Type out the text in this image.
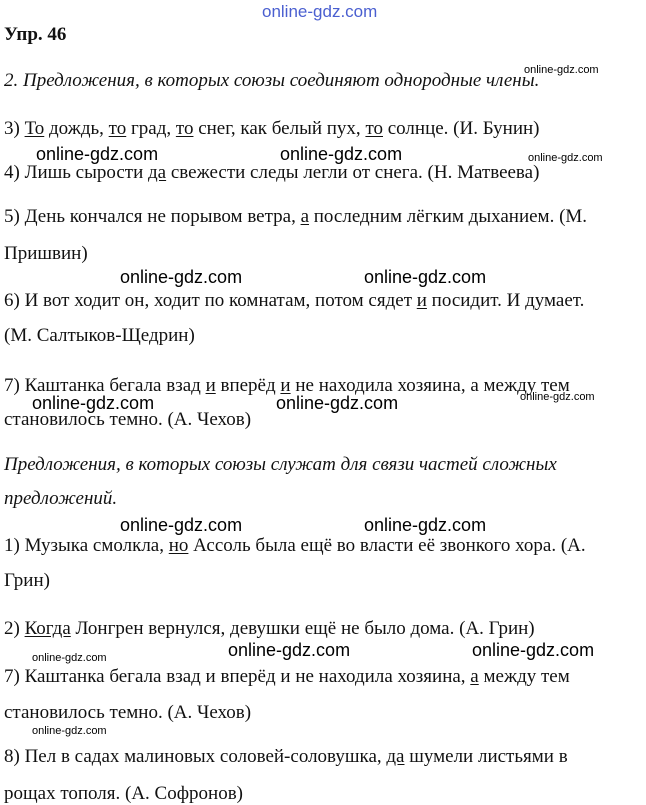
online-gdz.com
Упр. 46
2. Предложения, в которых союзы соединяют однородные члены.
3) То дождь, то град, то снег, как белый пух, то солнце. (И. Бунин)
4) Лишь сырости да свежести следы легли от снега. (Н. Матвеева)
5) День кончался не порывом ветра, а последним лёгким дыханием. (М.
Пришвин)
6) И вот ходит он, ходит по комнатам, потом сядет и посидит. И думает.
(М. Салтыков-Щедрин)
7) Каштанка бегала взад и вперёд и не находила хозяина, а между тем
становилось темно. (А. Чехов)
Предложения, в которых союзы служат для связи частей сложных
предложений.
1) Музыка смолкла, но Ассоль была ещё во власти её звонкого хора. (А.
Грин)
2) Когда Лонгрен вернулся, девушки ещё не было дома. (А. Грин)
7) Каштанка бегала взад и вперёд и не находила хозяина, а между тем
становилось темно. (А. Чехов)
8) Пел в садах малиновых соловей-соловушка, да шумели листьями в
рощах тополя. (А. Софронов)
online-gdz.com
online-gdz.com	online-gdz.com	online-gdz.com
online-gdz.com	online-gdz.com
online-gdz.com	online-gdz.com	online-gdz.com
online-gdz.com	online-gdz.com
online-gdz.com	online-gdz.com
online-gdz.com
online-gdz.com
